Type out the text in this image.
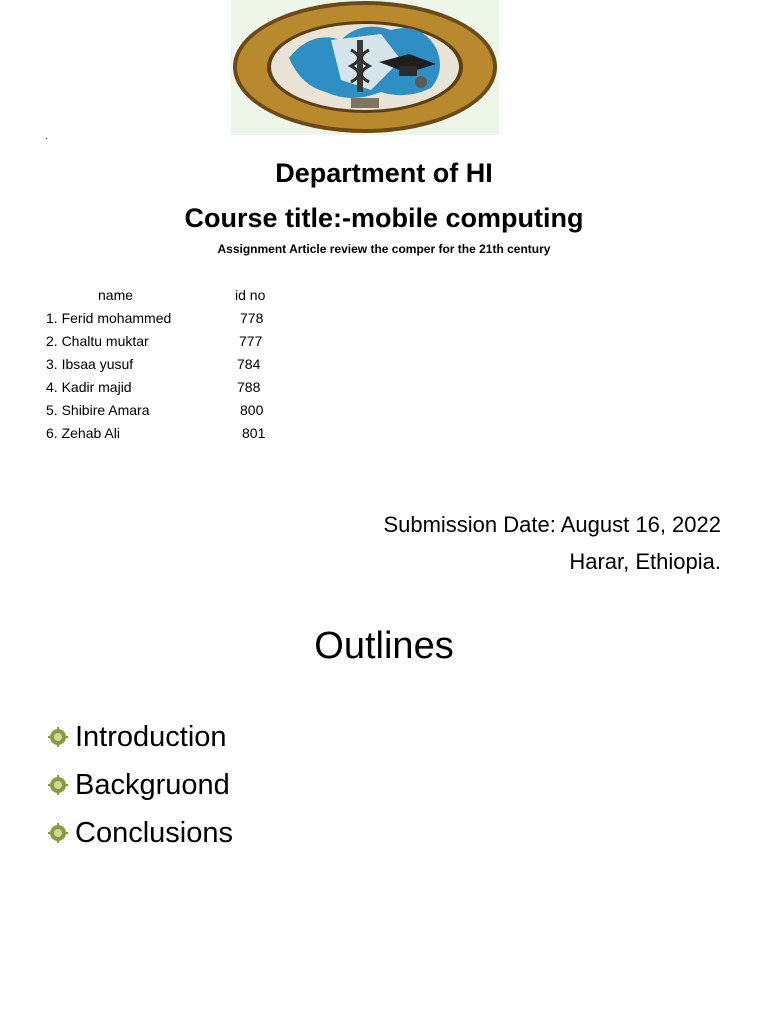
.
Department of HI
Course title:-mobile computing
Assignment Article review the comper for the 21th century
name	id no
1. Ferid mohammed	778
2. Chaltu muktar	777
3. Ibsaa yusuf	784
4. Kadir majid	788
5. Shibire Amara	800
6. Zehab Ali	801
Submission Date: August 16, 2022
Harar, Ethiopia.
Outlines
Introduction
Backgruond
Conclusions
